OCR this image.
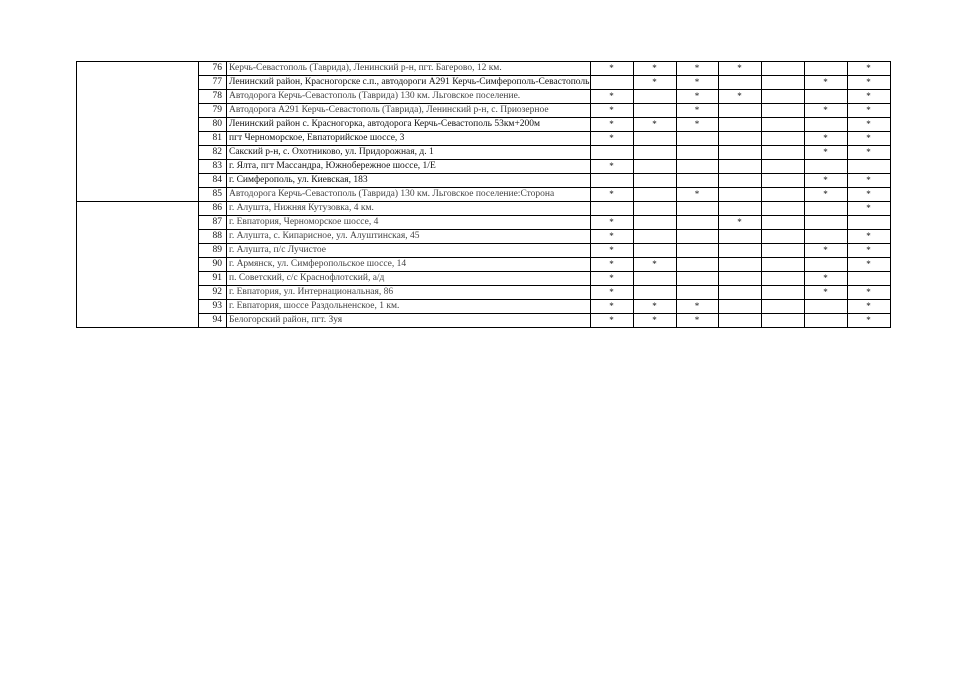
	76	Керчь-Севастополь (Таврида), Ленинский р-н, пгт. Багерово, 12 км.	*	*	*	*			*
	77	Ленинский район, Красногорске с.п., автодороги А291 Керчь-Симферополь-Севастополь		*	*			*	*
	78	Автодорога Керчь-Севастополь (Таврида) 130 км. Льговское поселение.	*		*	*			*
	79	Автодорога А291 Керчь-Севастополь (Таврида), Ленинский р-н, с. Приозерное	*		*			*	*
	80	Ленинский район с. Красногорка, автодорога Керчь-Севастополь 53км+200м	*	*	*				*
	81	пгт Черноморское, Евпаторийское шоссе, 3	*					*	*
	82	Сакский р-н, с. Охотниково, ул. Придорожная, д. 1						*	*
	83	г. Ялта, пгт Массандра, Южнобережное шоссе, 1/Е	*						
	84	г. Симферополь, ул. Киевская, 183						*	*
	85	Автодорога Керчь-Севастополь (Таврида) 130 км. Льговское поселение:Сторона	*		*			*	*
	86	г. Алушта, Нижняя Кутузовка, 4 км.							*
	87	г. Евпатория, Черноморское шоссе, 4	*			*			
	88	г. Алушта, с. Кипарисное, ул. Алуштинская, 45	*						*
	89	г. Алушта, п/с Лучистое	*					*	*
	90	г. Армянск, ул. Симферопольское шоссе, 14	*	*					*
	91	п. Советский, с/с Краснофлотский, а/д	*					*	
	92	г. Евпатория, ул. Интернациональная, 86	*					*	*
	93	г. Евпатория, шоссе Раздольненское, 1 км.	*	*	*				*
	94	Белогорский район, пгт. Зуя	*	*	*				*
